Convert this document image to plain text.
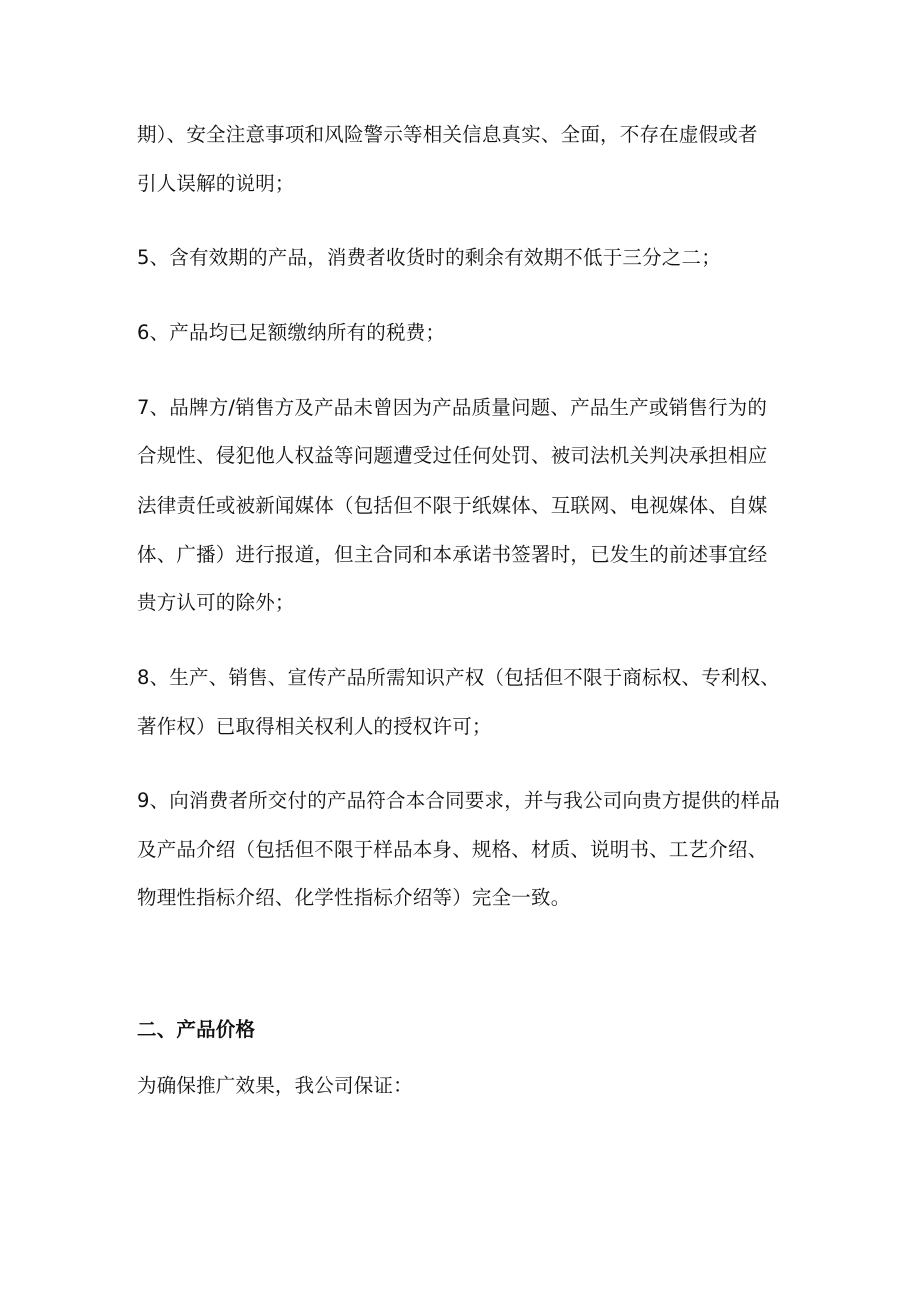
期）、安全注意事项和风险警示等相关信息真实、全面，不存在虚假或者
引人误解的说明；
5、含有效期的产品，消费者收货时的剩余有效期不低于三分之二；
6、产品均已足额缴纳所有的税费；
7、品牌方/销售方及产品未曾因为产品质量问题、产品生产或销售行为的
合规性、侵犯他人权益等问题遭受过任何处罚、被司法机关判决承担相应
法律责任或被新闻媒体（包括但不限于纸媒体、互联网、电视媒体、自媒
体、广播）进行报道，但主合同和本承诺书签署时，已发生的前述事宜经
贵方认可的除外；
8、生产、销售、宣传产品所需知识产权（包括但不限于商标权、专利权、
著作权）已取得相关权利人的授权许可；
9、向消费者所交付的产品符合本合同要求，并与我公司向贵方提供的样品
及产品介绍（包括但不限于样品本身、规格、材质、说明书、工艺介绍、
物理性指标介绍、化学性指标介绍等）完全一致。
二、产品价格
为确保推广效果，我公司保证：
